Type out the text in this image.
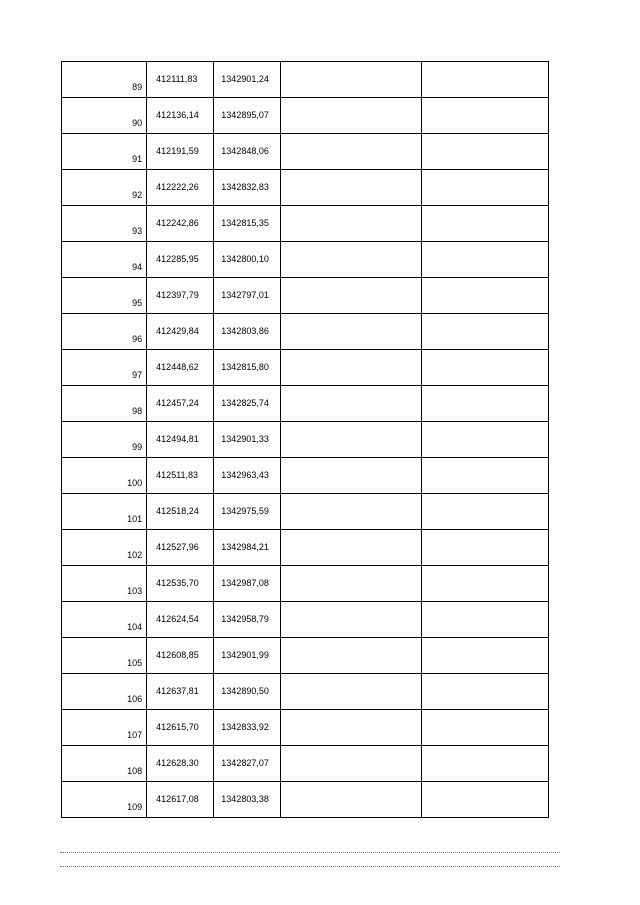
89	412111,83	1342901,24		
90	412136,14	1342895,07		
91	412191,59	1342848,06		
92	412222,26	1342832,83		
93	412242,86	1342815,35		
94	412285,95	1342800,10		
95	412397,79	1342797,01		
96	412429,84	1342803,86		
97	412448,62	1342815,80		
98	412457,24	1342825,74		
99	412494,81	1342901,33		
100	412511,83	1342963,43		
101	412518,24	1342975,59		
102	412527,96	1342984,21		
103	412535,70	1342987,08		
104	412624,54	1342958,79		
105	412608,85	1342901,99		
106	412637,81	1342890,50		
107	412615,70	1342833,92		
108	412628,30	1342827,07		
109	412617,08	1342803,38		
